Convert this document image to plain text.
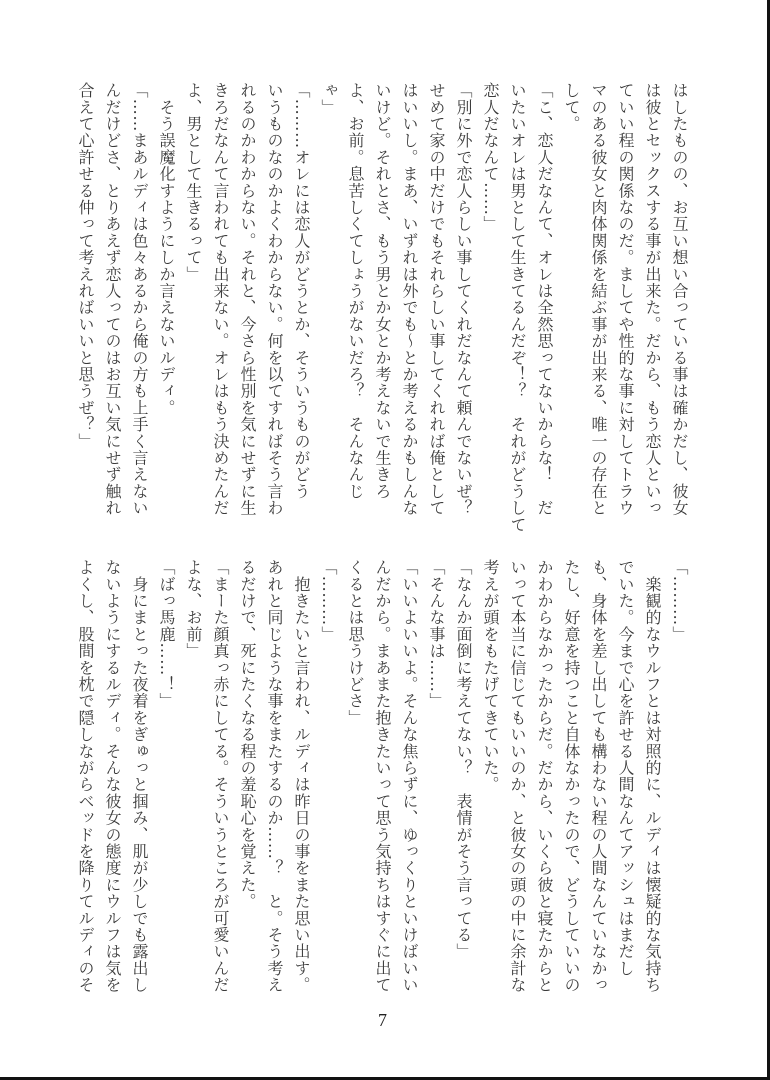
はしたものの、お互い想い合っている事は確かだし、彼女
は彼とセックスする事が出来た。だから、もう恋人といっ
ていい程の関係なのだ。ましてや性的な事に対してトラウ
マのある彼女と肉体関係を結ぶ事が出来る、唯一の存在と
して。
「こ、恋人だなんて、オレは全然思ってないからな！　だ
いたいオレは男として生きてるんだぞ！？　それがどうして
恋人だなんて……」
「別に外で恋人らしい事してくれだなんて頼んでないぜ？
せめて家の中だけでもそれらしい事してくれれば俺として
はいいし。まあ、いずれは外でも～とか考えるかもしんな
いけど。それとさ、もう男とか女とか考えないで生きろ
よ、お前。息苦しくてしょうがないだろ？　そんなんじ
ゃ」
「………オレには恋人がどうとか、そういうものがどう
いうものなのかよくわからない。何を以てすればそう言わ
れるのかわからない。それと、今さら性別を気にせずに生
きろだなんて言われても出来ない。オレはもう決めたんだ
よ、男として生きるって」
　そう誤魔化すようにしか言えないルディ。
「……まあルディは色々あるから俺の方も上手く言えない
んだけどさ、とりあえず恋人ってのはお互い気にせず触れ
合えて心許せる仲って考えればいいと思うぜ？」
「………」
　楽観的なウルフとは対照的に、ルディは懐疑的な気持ち
でいた。今まで心を許せる人間なんてアッシュはまだし
も、身体を差し出しても構わない程の人間なんていなかっ
たし、好意を持つこと自体なかったので、どうしていいの
かわからなかったからだ。だから、いくら彼と寝たからと
いって本当に信じてもいいのか、と彼女の頭の中に余計な
考えが頭をもたげてきていた。
「なんか面倒に考えてない？　表情がそう言ってる」
「そんな事は……」
「いいよいいよ。そんな焦らずに、ゆっくりといけばいい
んだから。まあまた抱きたいって思う気持ちはすぐに出て
くるとは思うけどさ」
「………」
　抱きたいと言われ、ルディは昨日の事をまた思い出す。
あれと同じような事をまたするのか……？　と。そう考え
るだけで、死にたくなる程の羞恥心を覚えた。
「まーた顔真っ赤にしてる。そういうところが可愛いんだ
よな、お前」
「ばっ馬鹿……！」
　身にまとった夜着をぎゅっと掴み、肌が少しでも露出し
ないようにするルディ。そんな彼女の態度にウルフは気を
よくし、股間を枕で隠しながらベッドを降りてルディのそ
7
